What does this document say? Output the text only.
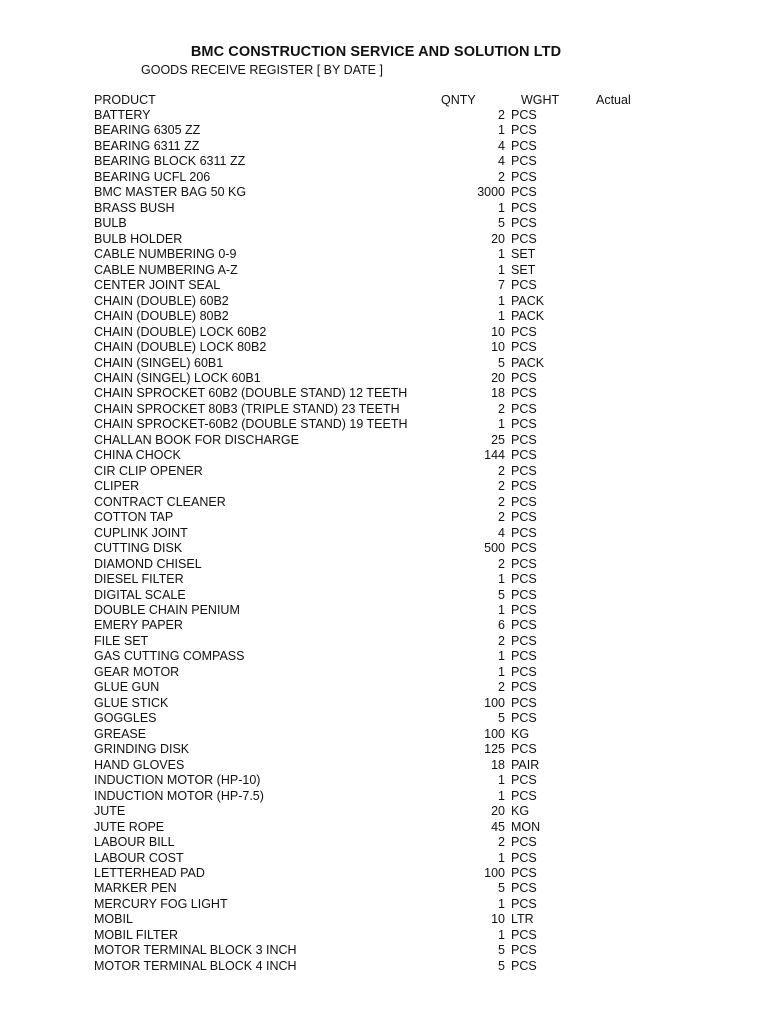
BMC CONSTRUCTION SERVICE AND SOLUTION LTD
GOODS RECEIVE REGISTER [ BY DATE ]
PRODUCT	QNTY	WGHT	Actual
BATTERY	2 PCS
BEARING 6305 ZZ	1 PCS
BEARING 6311 ZZ	4 PCS
BEARING BLOCK 6311 ZZ	4 PCS
BEARING UCFL 206	2 PCS
BMC MASTER BAG 50 KG	3000 PCS
BRASS BUSH	1 PCS
BULB	5 PCS
BULB HOLDER	20 PCS
CABLE NUMBERING 0-9	1 SET
CABLE NUMBERING A-Z	1 SET
CENTER JOINT SEAL	7 PCS
CHAIN (DOUBLE) 60B2	1 PACK
CHAIN (DOUBLE) 80B2	1 PACK
CHAIN (DOUBLE) LOCK 60B2	10 PCS
CHAIN (DOUBLE) LOCK 80B2	10 PCS
CHAIN (SINGEL) 60B1	5 PACK
CHAIN (SINGEL) LOCK 60B1	20 PCS
CHAIN SPROCKET 60B2 (DOUBLE STAND) 12 TEETH	18 PCS
CHAIN SPROCKET 80B3 (TRIPLE STAND) 23 TEETH	2 PCS
CHAIN SPROCKET-60B2 (DOUBLE STAND) 19 TEETH	1 PCS
CHALLAN BOOK FOR DISCHARGE	25 PCS
CHINA CHOCK	144 PCS
CIR CLIP OPENER	2 PCS
CLIPER	2 PCS
CONTRACT CLEANER	2 PCS
COTTON TAP	2 PCS
CUPLINK JOINT	4 PCS
CUTTING DISK	500 PCS
DIAMOND CHISEL	2 PCS
DIESEL FILTER	1 PCS
DIGITAL SCALE	5 PCS
DOUBLE CHAIN PENIUM	1 PCS
EMERY PAPER	6 PCS
FILE SET	2 PCS
GAS CUTTING COMPASS	1 PCS
GEAR MOTOR	1 PCS
GLUE GUN	2 PCS
GLUE STICK	100 PCS
GOGGLES	5 PCS
GREASE	100 KG
GRINDING DISK	125 PCS
HAND GLOVES	18 PAIR
INDUCTION MOTOR (HP-10)	1 PCS
INDUCTION MOTOR (HP-7.5)	1 PCS
JUTE	20 KG
JUTE ROPE	45 MON
LABOUR BILL	2 PCS
LABOUR COST	1 PCS
LETTERHEAD PAD	100 PCS
MARKER PEN	5 PCS
MERCURY FOG LIGHT	1 PCS
MOBIL	10 LTR
MOBIL FILTER	1 PCS
MOTOR TERMINAL BLOCK 3 INCH	5 PCS
MOTOR TERMINAL BLOCK 4 INCH	5 PCS
